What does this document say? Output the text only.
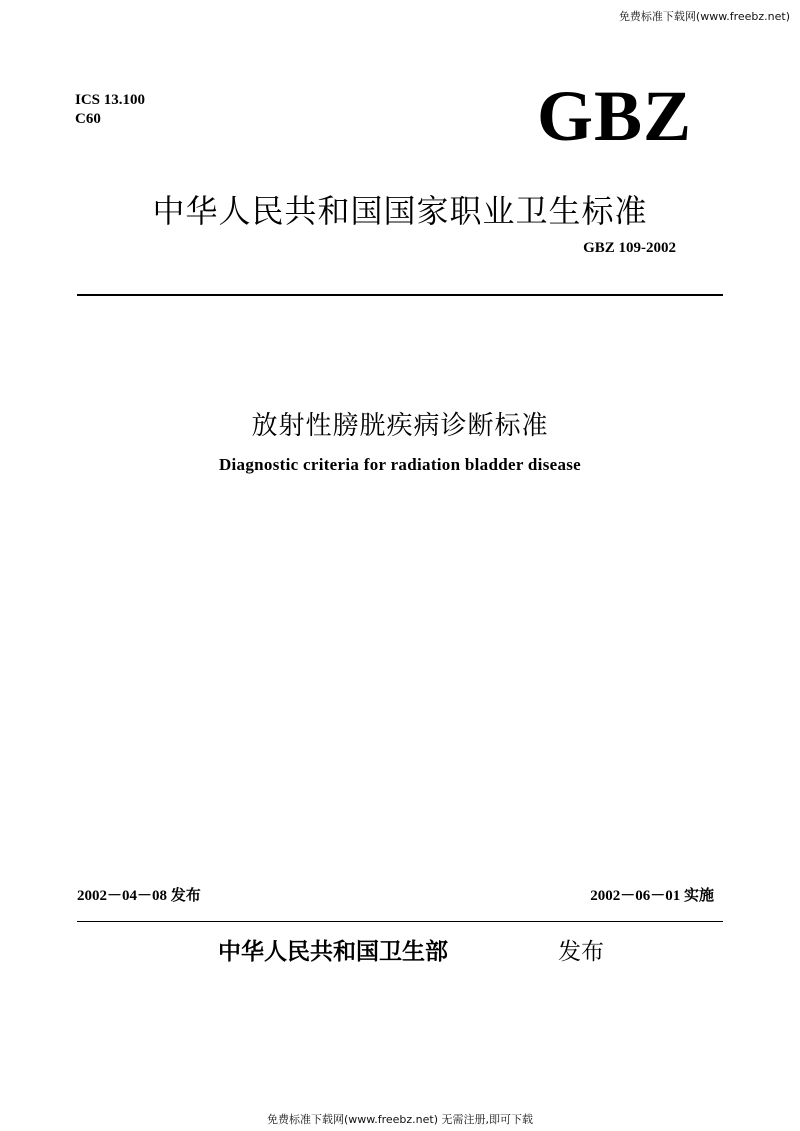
免费标准下载网(www.freebz.net)
ICS 13.100
C60	GBZ
中华人民共和国国家职业卫生标准
GBZ 109-2002
放射性膀胱疾病诊断标准
Diagnostic criteria for radiation bladder disease
2002－04－08 发布	2002－06－01 实施
中华人民共和国卫生部	发布
免费标准下载网(www.freebz.net) 无需注册,即可下载
